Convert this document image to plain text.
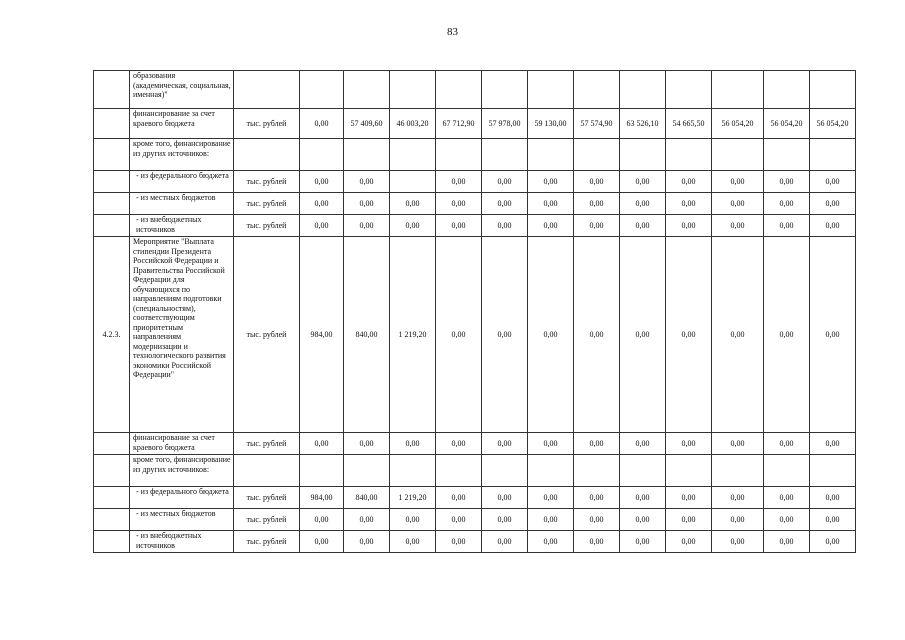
83
	образования (академическая, социальная, именная)"													
	финансирование за счет краевого бюджета	тыс. рублей	0,00	57 409,60	46 003,20	67 712,90	57 978,00	59 130,00	57 574,90	63 526,10	54 665,50	56 054,20	56 054,20	56 054,20
	кроме того, финансирование из других источников:													
	- из федерального бюджета	тыс. рублей	0,00	0,00		0,00	0,00	0,00	0,00	0,00	0,00	0,00	0,00	0,00
	- из местных бюджетов	тыс. рублей	0,00	0,00	0,00	0,00	0,00	0,00	0,00	0,00	0,00	0,00	0,00	0,00
	- из внебюджетных источников	тыс. рублей	0,00	0,00	0,00	0,00	0,00	0,00	0,00	0,00	0,00	0,00	0,00	0,00
4.2.3.	Мероприятие "Выплата стипендии Президента Российской Федерации и Правительства Российской Федерации для обучающихся по направлениям подготовки (специальностям), соответствующим приоритетным направлениям модернизации и технологического развития экономики Российской Федерации"	тыс. рублей	984,00	840,00	1 219,20	0,00	0,00	0,00	0,00	0,00	0,00	0,00	0,00	0,00
	финансирование за счет краевого бюджета	тыс. рублей	0,00	0,00	0,00	0,00	0,00	0,00	0,00	0,00	0,00	0,00	0,00	0,00
	кроме того, финансирование из других источников:													
	- из федерального бюджета	тыс. рублей	984,00	840,00	1 219,20	0,00	0,00	0,00	0,00	0,00	0,00	0,00	0,00	0,00
	- из местных бюджетов	тыс. рублей	0,00	0,00	0,00	0,00	0,00	0,00	0,00	0,00	0,00	0,00	0,00	0,00
	- из внебюджетных источников	тыс. рублей	0,00	0,00	0,00	0,00	0,00	0,00	0,00	0,00	0,00	0,00	0,00	0,00
